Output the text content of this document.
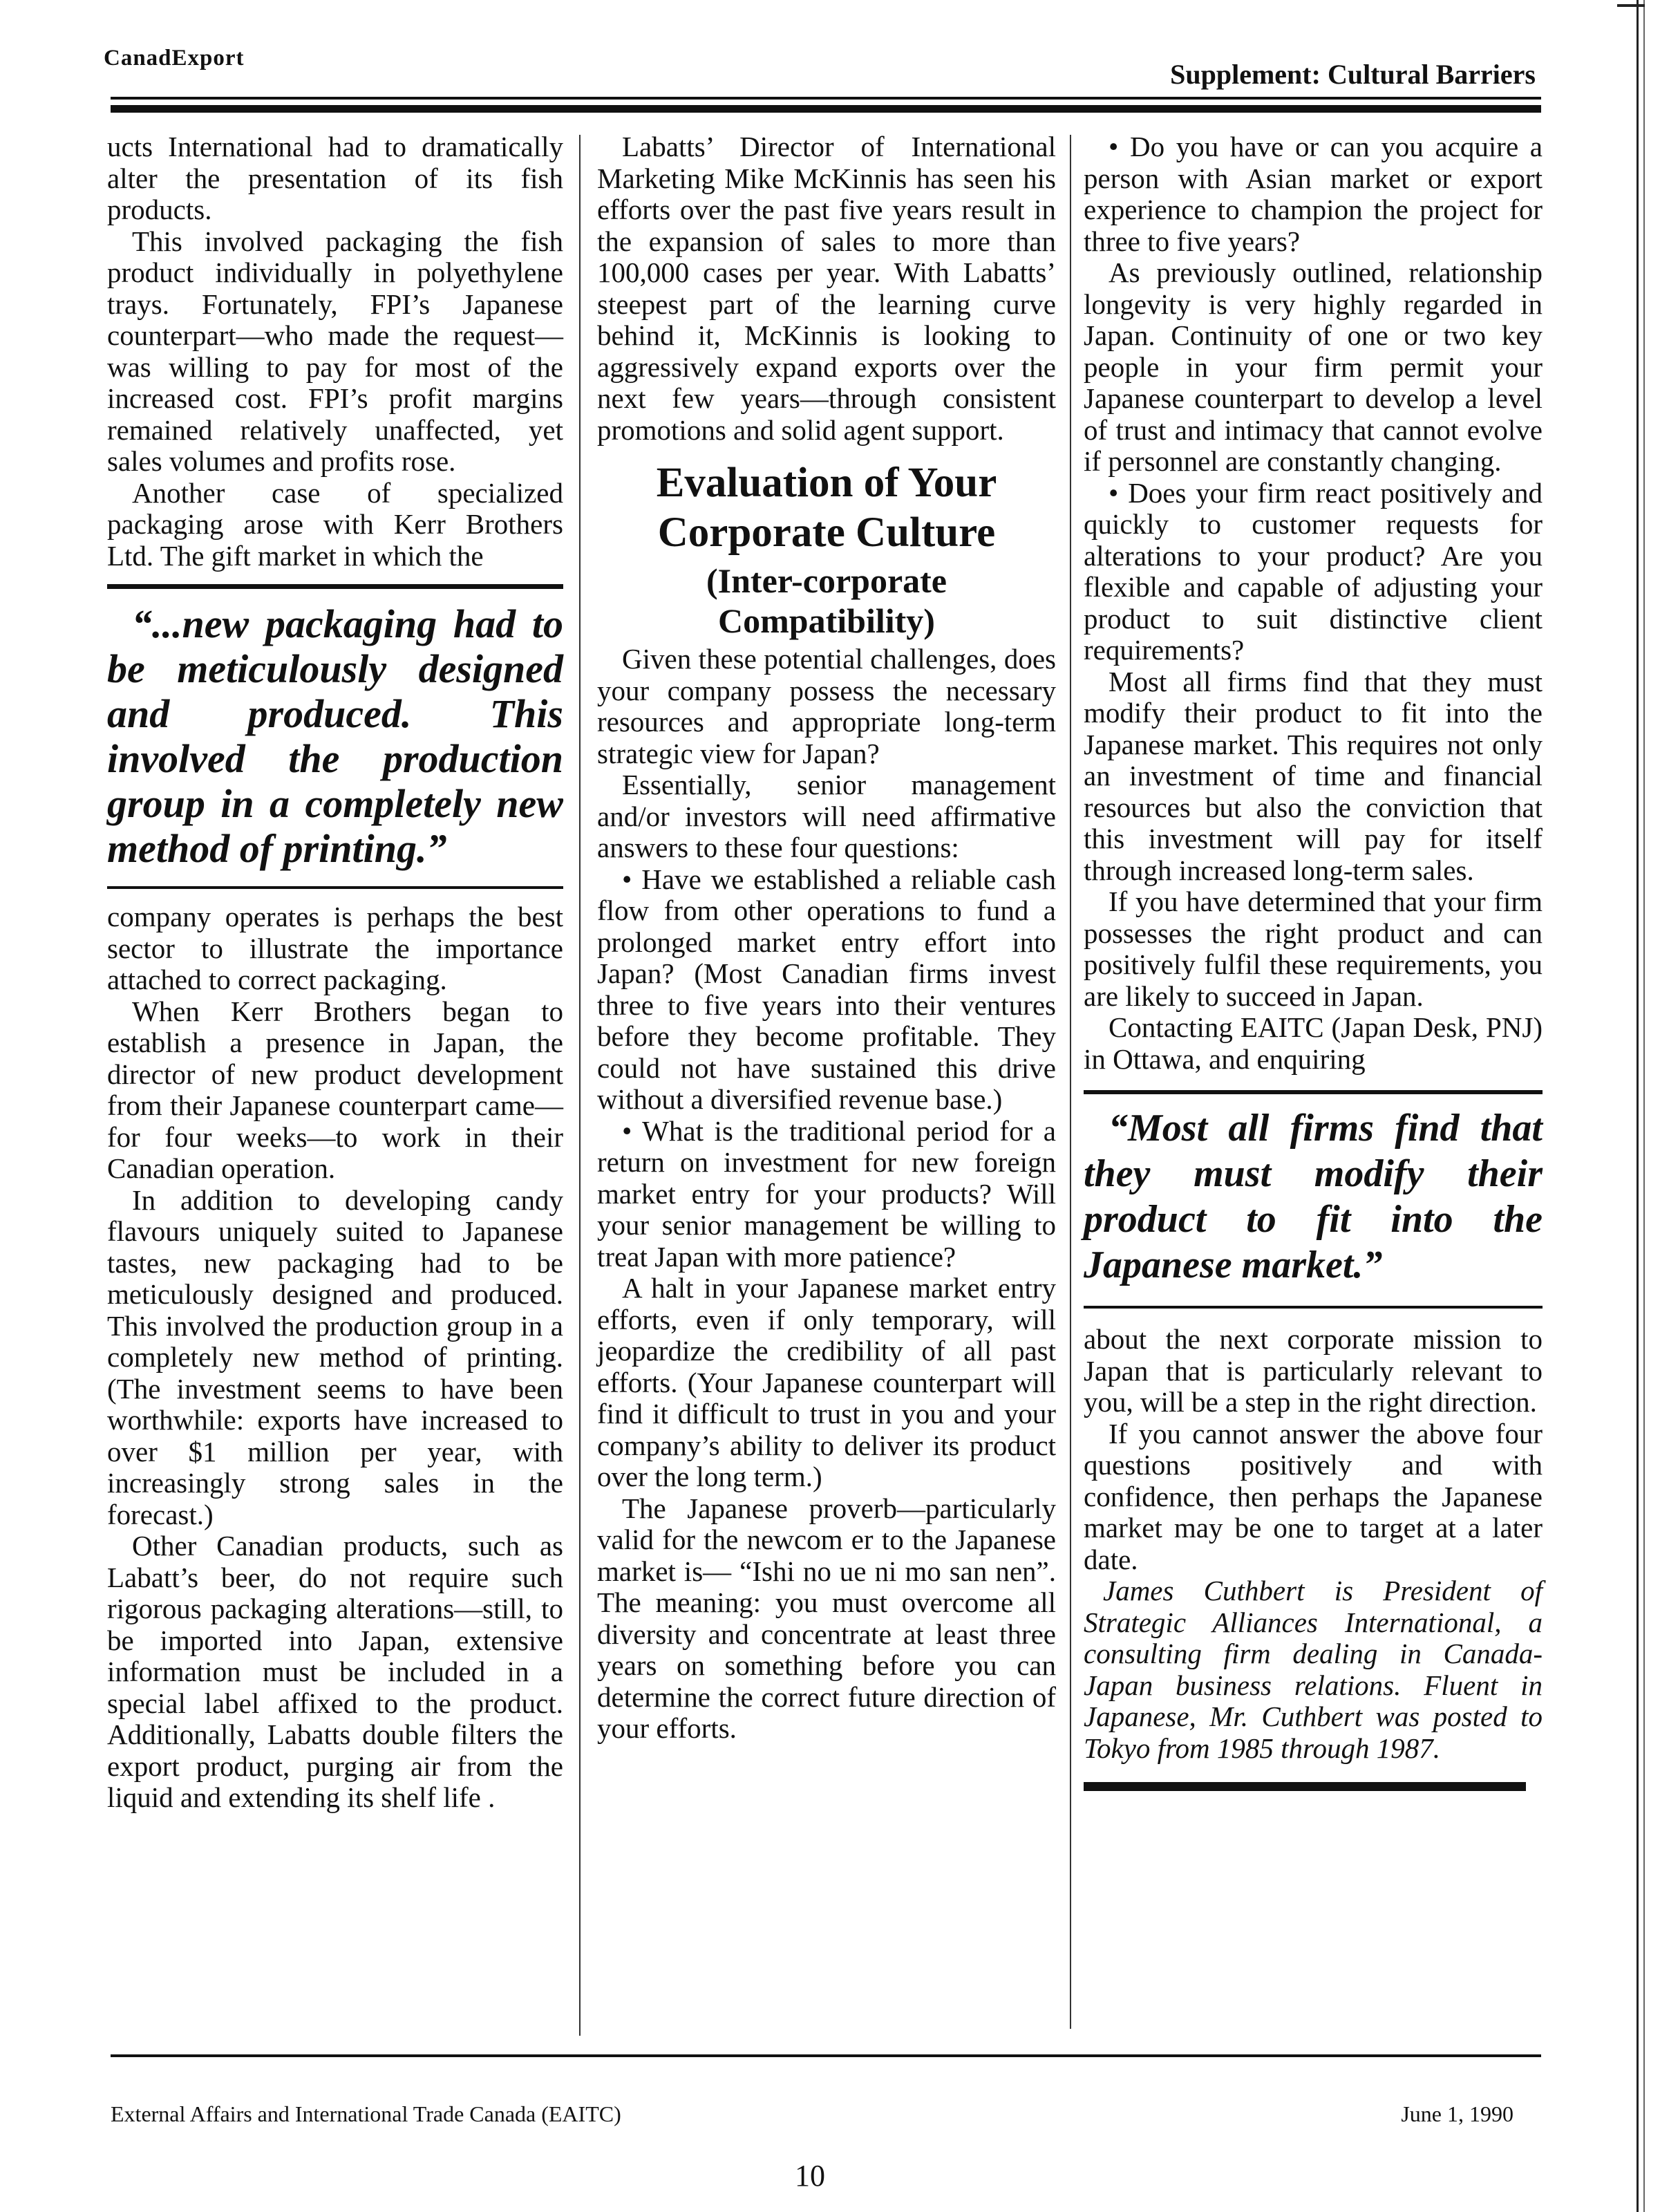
CanadExport
Supplement: Cultural Barriers

ucts International had to dramatically alter the presentation of its fish products.

This involved packaging the fish product individually in polyethylene trays. Fortunately, FPI’s Japanese counterpart—who made the request— was willing to pay for most of the increased cost. FPI’s profit margins remained relatively unaffected, yet sales volumes and profits rose.

Another case of specialized packaging arose with Kerr Brothers Ltd. The gift market in which the

“...new packaging had to be meticulously designed and produced. This involved the production group in a completely new method of printing.”

company operates is perhaps the best sector to illustrate the importance attached to correct packaging.

When Kerr Brothers began to establish a presence in Japan, the director of new product development from their Japanese counterpart came—for four weeks—to work in their Canadian operation.

In addition to developing candy flavours uniquely suited to Japanese tastes, new packaging had to be meticulously designed and produced. This involved the production group in a completely new method of printing. (The investment seems to have been worthwhile: exports have increased to over $1 million per year, with increasingly strong sales in the forecast.)

Other Canadian products, such as Labatt’s beer, do not require such rigorous packaging alterations—still, to be imported into Japan, extensive information must be included in a special label affixed to the product. Additionally, Labatts double filters the export product, purging air from the liquid and extending its shelf life .

Labatts’ Director of International Marketing Mike McKinnis has seen his efforts over the past five years result in the expansion of sales to more than 100,000 cases per year. With Labatts’ steepest part of the learning curve behind it, McKinnis is looking to aggressively expand exports over the next few years—through consistent promotions and solid agent support.

Evaluation of Your Corporate Culture
(Inter-corporate Compatibility)

Given these potential challenges, does your company possess the necessary resources and appropriate long-term strategic view for Japan?

Essentially, senior management and/or investors will need affirmative answers to these four questions:

• Have we established a reliable cash flow from other operations to fund a prolonged market entry effort into Japan? (Most Canadian firms invest three to five years into their ventures before they become profitable. They could not have sustained this drive without a diversified revenue base.)

• What is the traditional period for a return on investment for new foreign market entry for your products? Will your senior management be willing to treat Japan with more patience?

A halt in your Japanese market entry efforts, even if only temporary, will jeopardize the credibility of all past efforts. (Your Japanese counterpart will find it difficult to trust in you and your company’s ability to deliver its product over the long term.)

The Japanese proverb—particularly valid for the newcom er to the Japanese market is— “Ishi no ue ni mo san nen”. The meaning: you must overcome all diversity and concentrate at least three years on something before you can determine the correct future direction of your efforts.

• Do you have or can you acquire a person with Asian market or export experience to champion the project for three to five years?

As previously outlined, relationship longevity is very highly regarded in Japan. Continuity of one or two key people in your firm permit your Japanese counterpart to develop a level of trust and intimacy that cannot evolve if personnel are constantly changing.

• Does your firm react positively and quickly to customer requests for alterations to your product? Are you flexible and capable of adjusting your product to suit distinctive client requirements?

Most all firms find that they must modify their product to fit into the Japanese market. This requires not only an investment of time and financial resources but also the conviction that this investment will pay for itself through increased long-term sales.

If you have determined that your firm possesses the right product and can positively fulfil these requirements, you are likely to succeed in Japan.

Contacting EAITC (Japan Desk, PNJ) in Ottawa, and enquiring

“Most all firms find that they must modify their product to fit into the Japanese market.”

about the next corporate mission to Japan that is particularly relevant to you, will be a step in the right direction.

If you cannot answer the above four questions positively and with confidence, then perhaps the Japanese market may be one to target at a later date.

James Cuthbert is President of Strategic Alliances International, a consulting firm dealing in Canada-Japan business relations. Fluent in Japanese, Mr. Cuthbert was posted to Tokyo from 1985 through 1987.

External Affairs and International Trade Canada (EAITC)	June 1, 1990
10
